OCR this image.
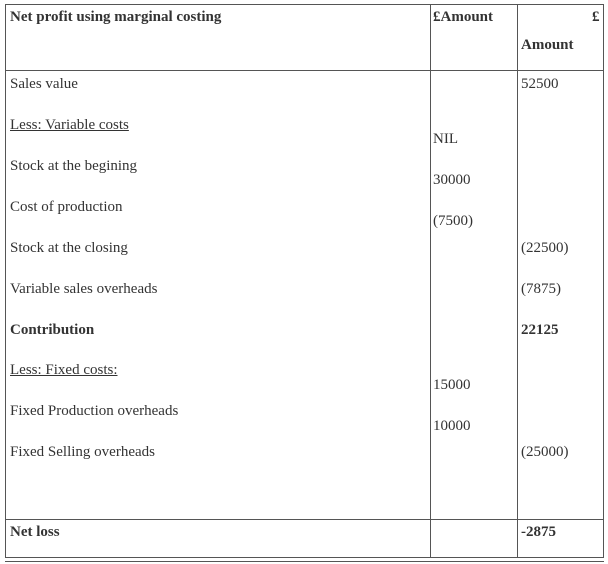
Net profit using marginal costing	£Amount	£
Amount
Sales value
Less: Variable costs
Stock at the begining
Cost of production
Stock at the closing
Variable sales overheads
Contribution
Less: Fixed costs:
Fixed Production overheads
Fixed Selling overheads
Net loss
NIL
30000
(7500)
15000
10000
52500
(22500)
(7875)
22125
(25000)
-2875
